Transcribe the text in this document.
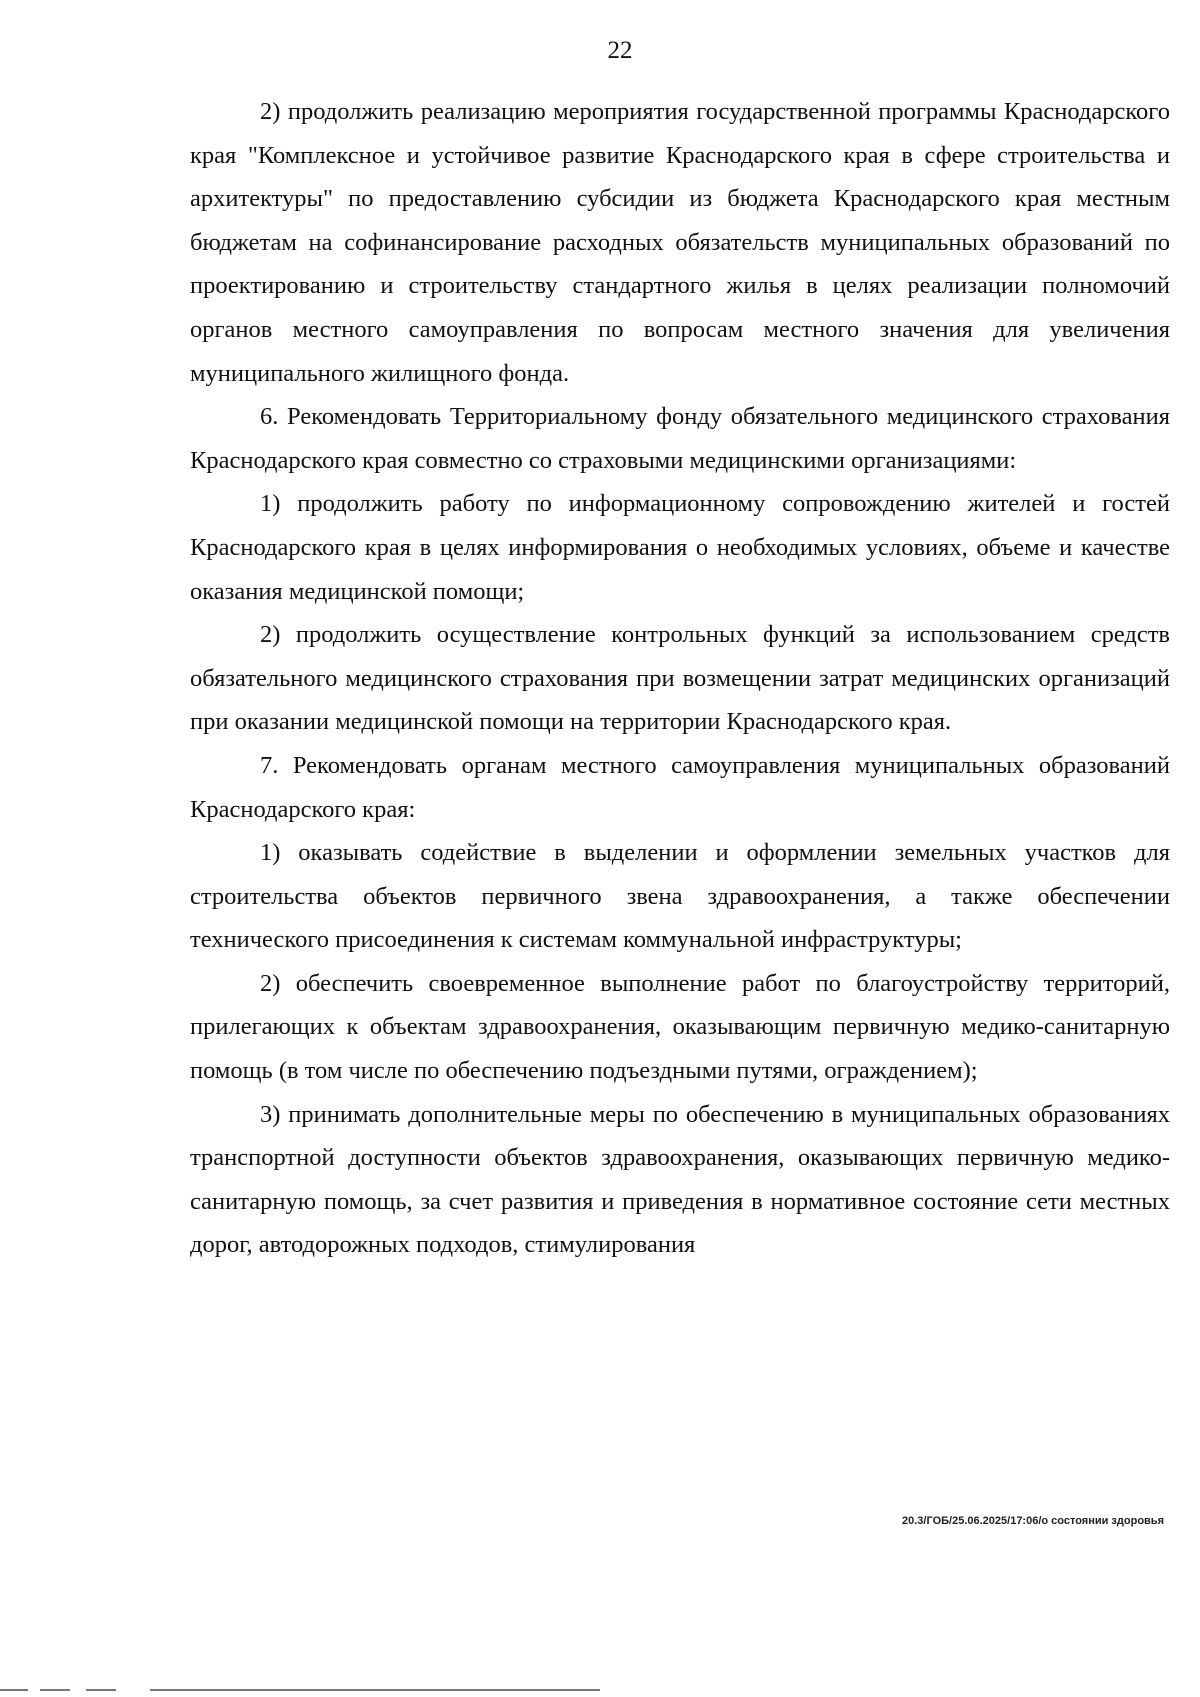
22

2) продолжить реализацию мероприятия государственной программы Краснодарского края "Комплексное и устойчивое развитие Краснодарского края в сфере строительства и архитектуры" по предоставлению субсидии из бюджета Краснодарского края местным бюджетам на софинансирование расходных обязательств муниципальных образований по проектированию и строительству стандартного жилья в целях реализации полномочий органов местного самоуправления по вопросам местного значения для увеличения муниципального жилищного фонда.

6. Рекомендовать Территориальному фонду обязательного медицинского страхования Краснодарского края совместно со страховыми медицинскими организациями:

1) продолжить работу по информационному сопровождению жителей и гостей Краснодарского края в целях информирования о необходимых условиях, объеме и качестве оказания медицинской помощи;

2) продолжить осуществление контрольных функций за использованием средств обязательного медицинского страхования при возмещении затрат медицинских организаций при оказании медицинской помощи на территории Краснодарского края.

7. Рекомендовать органам местного самоуправления муниципальных образований Краснодарского края:

1) оказывать содействие в выделении и оформлении земельных участков для строительства объектов первичного звена здравоохранения, а также обеспечении технического присоединения к системам коммунальной инфраструктуры;

2) обеспечить своевременное выполнение работ по благоустройству территорий, прилегающих к объектам здравоохранения, оказывающим первичную медико-санитарную помощь (в том числе по обеспечению подъездными путями, ограждением);

3) принимать дополнительные меры по обеспечению в муниципальных образованиях транспортной доступности объектов здравоохранения, оказывающих первичную медико-санитарную помощь, за счет развития и приведения в нормативное состояние сети местных дорог, автодорожных подходов, стимулирования

20.3/ГОБ/25.06.2025/17:06/о состоянии здоровья
